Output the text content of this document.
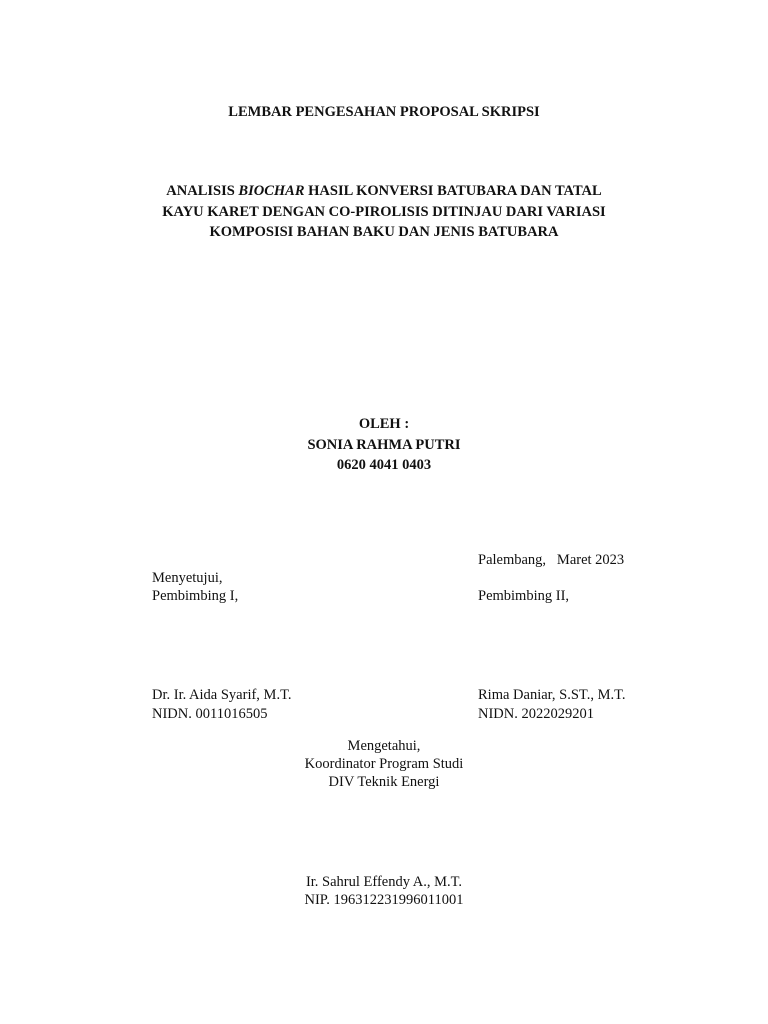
LEMBAR PENGESAHAN PROPOSAL SKRIPSI
ANALISIS BIOCHAR HASIL KONVERSI BATUBARA DAN TATAL
KAYU KARET DENGAN CO-PIROLISIS DITINJAU DARI VARIASI
KOMPOSISI BAHAN BAKU DAN JENIS BATUBARA
OLEH :
SONIA RAHMA PUTRI
0620 4041 0403
Palembang,   Maret 2023
Menyetujui,
Pembimbing I,	Pembimbing II,
Dr. Ir. Aida Syarif, M.T.
NIDN. 0011016505
Rima Daniar, S.ST., M.T.
NIDN. 2022029201
Mengetahui,
Koordinator Program Studi
DIV Teknik Energi
Ir. Sahrul Effendy A., M.T.
NIP. 196312231996011001
